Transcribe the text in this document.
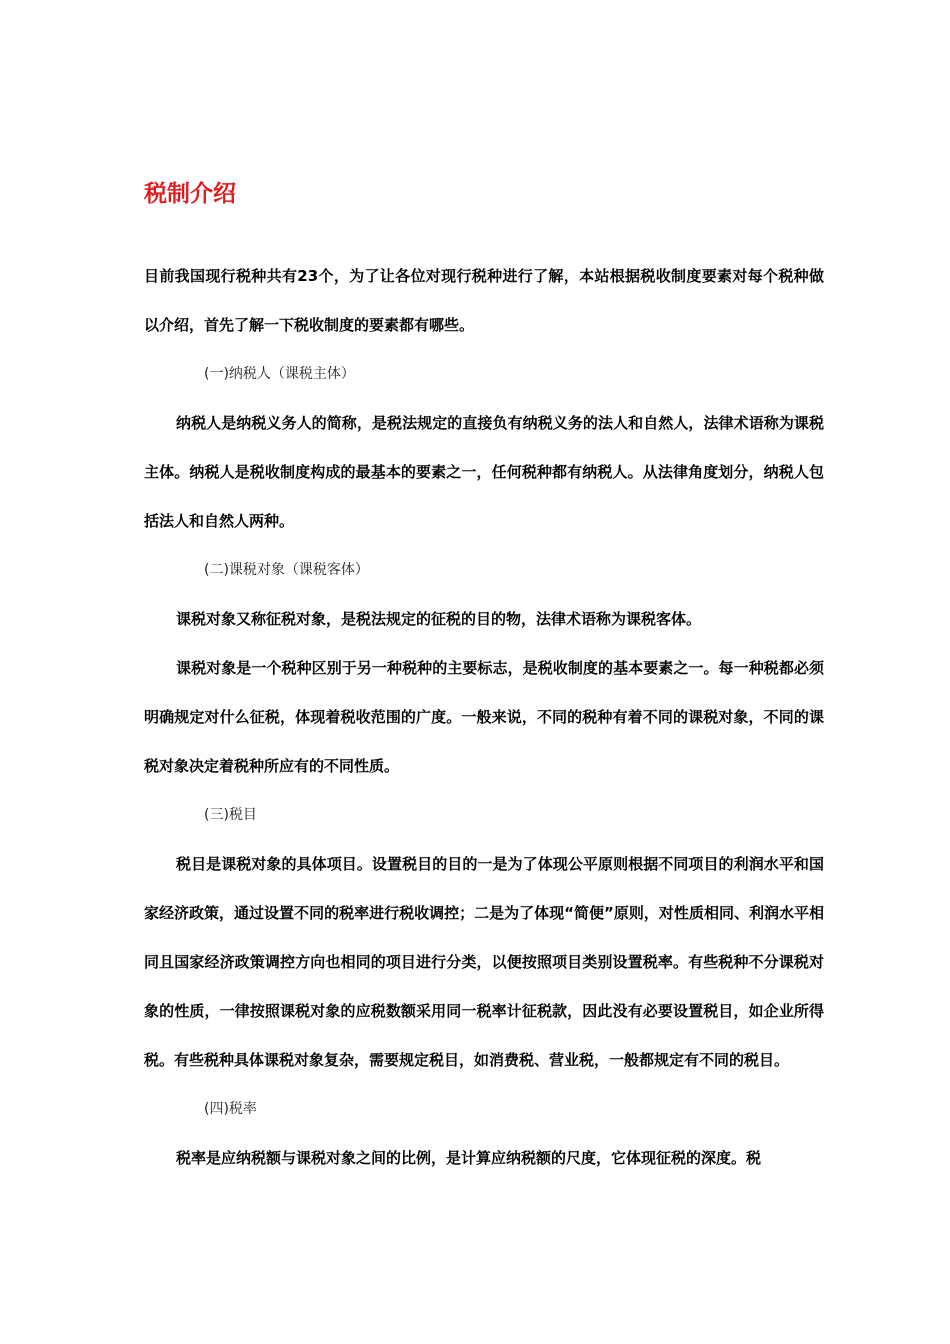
税制介绍

目前我国现行税种共有23个，为了让各位对现行税种进行了解，本站根据税收制度要素对每个税种做以介绍，首先了解一下税收制度的要素都有哪些。

(一)纳税人（课税主体）

纳税人是纳税义务人的简称，是税法规定的直接负有纳税义务的法人和自然人，法律术语称为课税主体。纳税人是税收制度构成的最基本的要素之一，任何税种都有纳税人。从法律角度划分，纳税人包括法人和自然人两种。

(二)课税对象（课税客体）

课税对象又称征税对象，是税法规定的征税的目的物，法律术语称为课税客体。

课税对象是一个税种区别于另一种税种的主要标志，是税收制度的基本要素之一。每一种税都必须明确规定对什么征税，体现着税收范围的广度。一般来说，不同的税种有着不同的课税对象，不同的课税对象决定着税种所应有的不同性质。

(三)税目

税目是课税对象的具体项目。设置税目的目的一是为了体现公平原则根据不同项目的利润水平和国家经济政策，通过设置不同的税率进行税收调控；二是为了体现“简便”原则，对性质相同、利润水平相同且国家经济政策调控方向也相同的项目进行分类，以便按照项目类别设置税率。有些税种不分课税对象的性质，一律按照课税对象的应税数额采用同一税率计征税款，因此没有必要设置税目，如企业所得税。有些税种具体课税对象复杂，需要规定税目，如消费税、营业税，一般都规定有不同的税目。

(四)税率

税率是应纳税额与课税对象之间的比例，是计算应纳税额的尺度，它体现征税的深度。税
